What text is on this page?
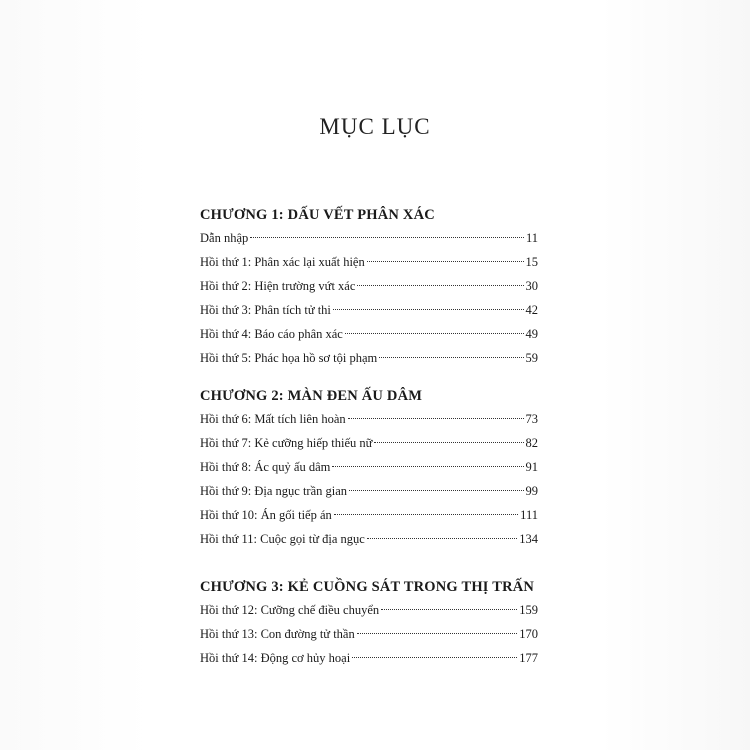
MỤC LỤC
CHƯƠNG 1: DẤU VẾT PHÂN XÁC
Dẫn nhập	11
Hồi thứ 1: Phân xác lại xuất hiện	15
Hồi thứ 2: Hiện trường vứt xác	30
Hồi thứ 3: Phân tích tử thi	42
Hồi thứ 4: Báo cáo phân xác	49
Hồi thứ 5: Phác họa hồ sơ tội phạm	59
CHƯƠNG 2: MÀN ĐEN ẤU DÂM
Hồi thứ 6: Mất tích liên hoàn	73
Hồi thứ 7: Kẻ cưỡng hiếp thiếu nữ	82
Hồi thứ 8: Ác quỷ ấu dâm	91
Hồi thứ 9: Địa ngục trần gian	99
Hồi thứ 10: Án gối tiếp án	111
Hồi thứ 11: Cuộc gọi từ địa ngục	134
CHƯƠNG 3: KẺ CUỒNG SÁT TRONG THỊ TRẤN
Hồi thứ 12: Cưỡng chế điều chuyển	159
Hồi thứ 13: Con đường tử thần	170
Hồi thứ 14: Động cơ hủy hoại	177
